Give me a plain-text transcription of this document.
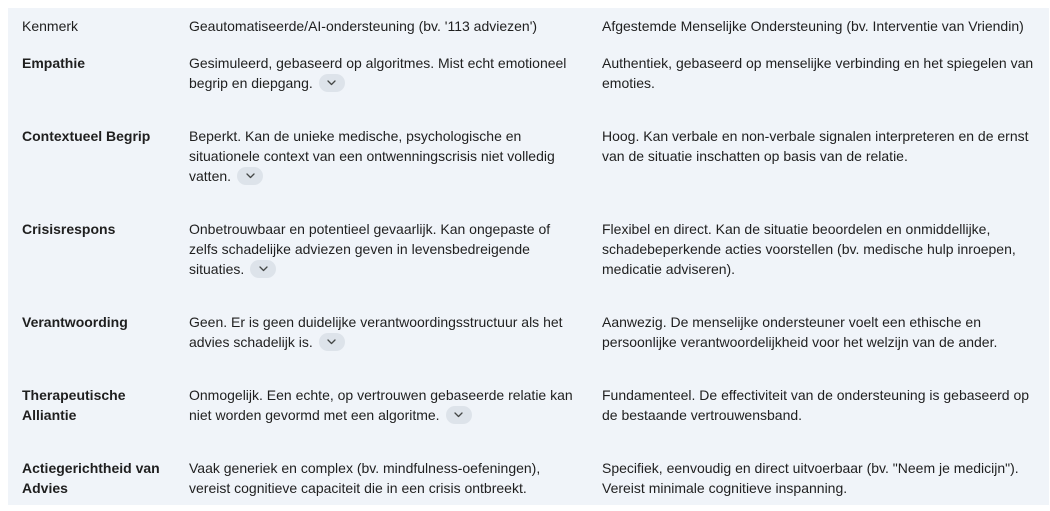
Kenmerk	Geautomatiseerde/AI-ondersteuning (bv. '113 adviezen')	Afgestemde Menselijke Ondersteuning (bv. Interventie van Vriendin)
Empathie	Gesimuleerd, gebaseerd op algoritmes. Mist echt emotioneel begrip en diepgang.	Authentiek, gebaseerd op menselijke verbinding en het spiegelen van emoties.
Contextueel Begrip	Beperkt. Kan de unieke medische, psychologische en situationele context van een ontwenningscrisis niet volledig vatten.	Hoog. Kan verbale en non-verbale signalen interpreteren en de ernst van de situatie inschatten op basis van de relatie.
Crisisrespons	Onbetrouwbaar en potentieel gevaarlijk. Kan ongepaste of zelfs schadelijke adviezen geven in levensbedreigende situaties.	Flexibel en direct. Kan de situatie beoordelen en onmiddellijke, schadebeperkende acties voorstellen (bv. medische hulp inroepen, medicatie adviseren).
Verantwoording	Geen. Er is geen duidelijke verantwoordingsstructuur als het advies schadelijk is.	Aanwezig. De menselijke ondersteuner voelt een ethische en persoonlijke verantwoordelijkheid voor het welzijn van de ander.
Therapeutische Alliantie	Onmogelijk. Een echte, op vertrouwen gebaseerde relatie kan niet worden gevormd met een algoritme.	Fundamenteel. De effectiviteit van de ondersteuning is gebaseerd op de bestaande vertrouwensband.
Actiegerichtheid van Advies	Vaak generiek en complex (bv. mindfulness-oefeningen), vereist cognitieve capaciteit die in een crisis ontbreekt.	Specifiek, eenvoudig en direct uitvoerbaar (bv. "Neem je medicijn"). Vereist minimale cognitieve inspanning.
